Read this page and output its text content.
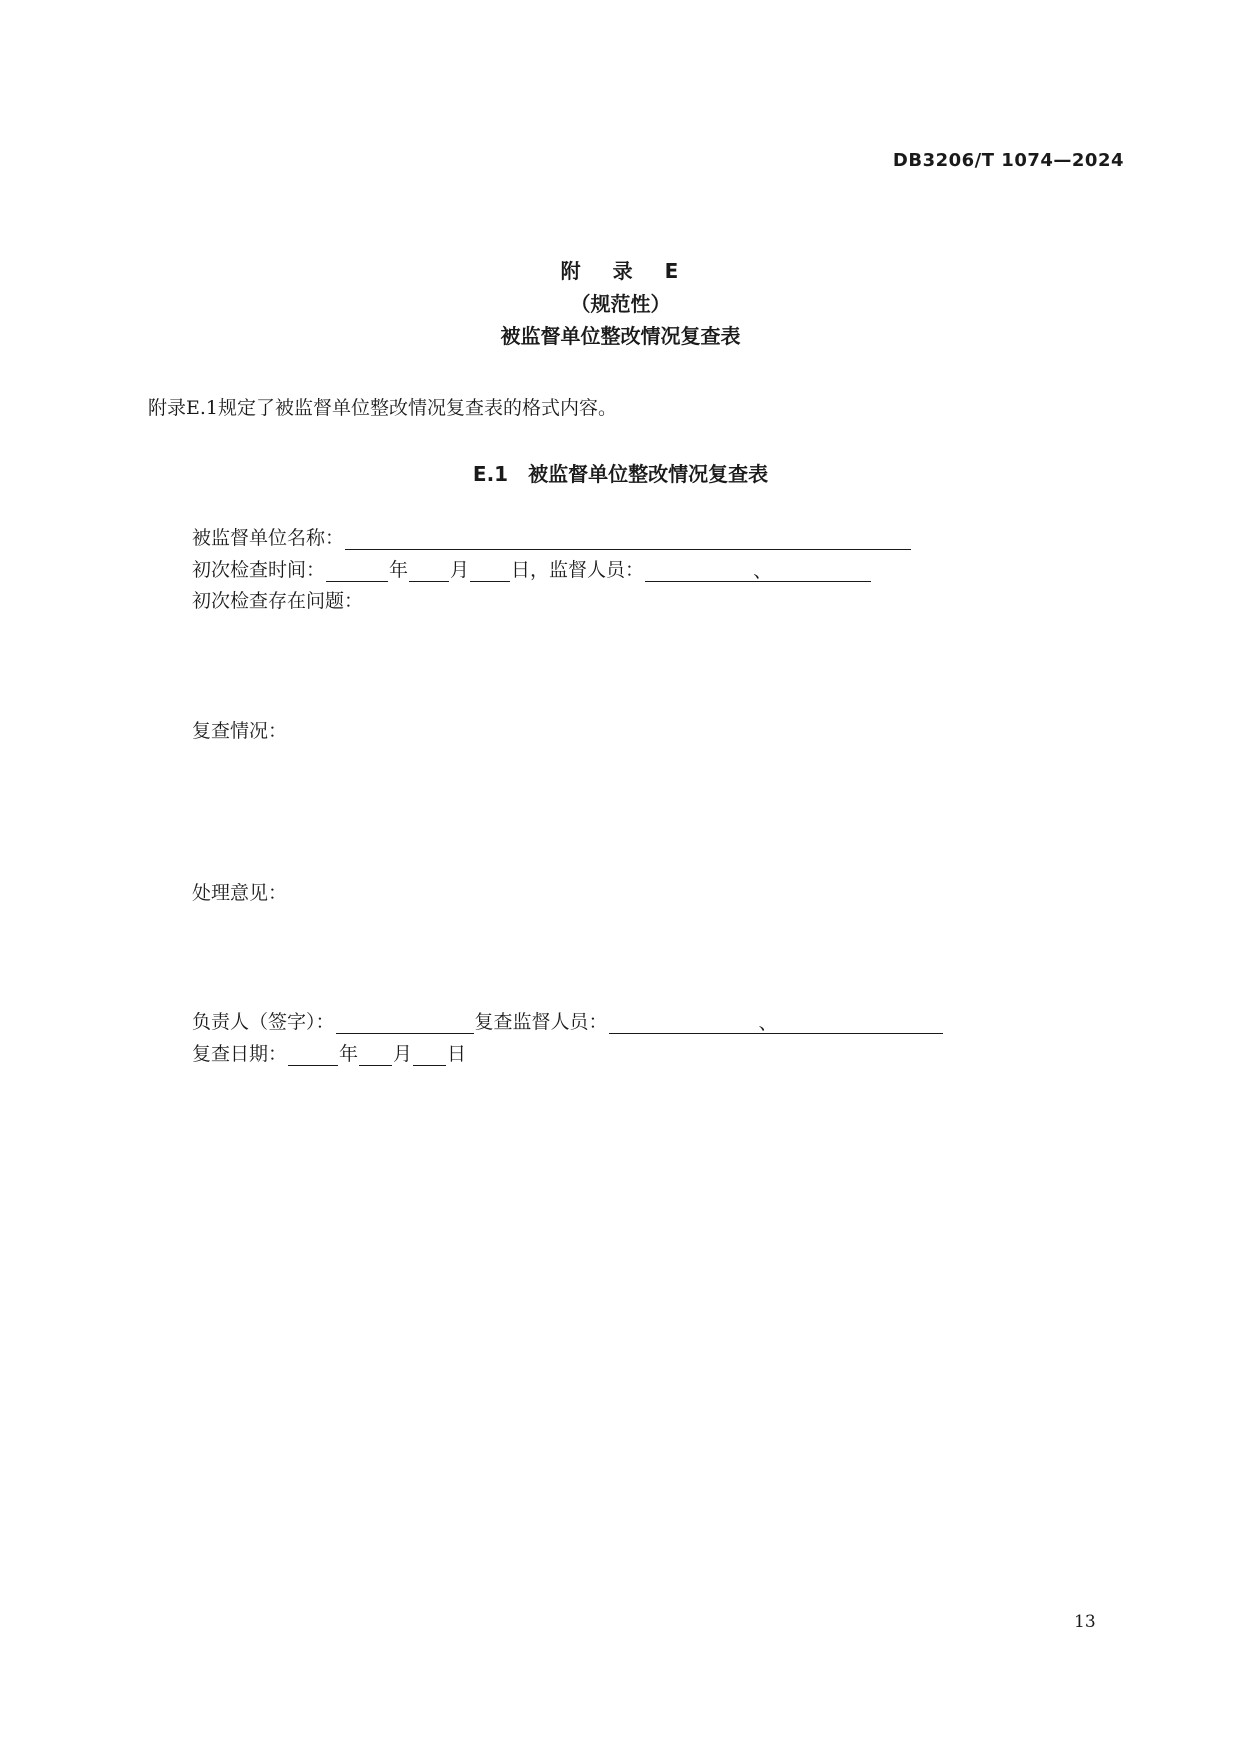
DB3206/T 1074—2024
附 录 E
（规范性）
被监督单位整改情况复查表
附录E.1规定了被监督单位整改情况复查表的格式内容。
E.1 被监督单位整改情况复查表
被监督单位名称：
初次检查时间：	年 月 日，监督人员：	、
初次检查存在问题：
复查情况：
处理意见：
负责人（签字）：	复查监督人员：	、
复查日期：	年 月 日
13
